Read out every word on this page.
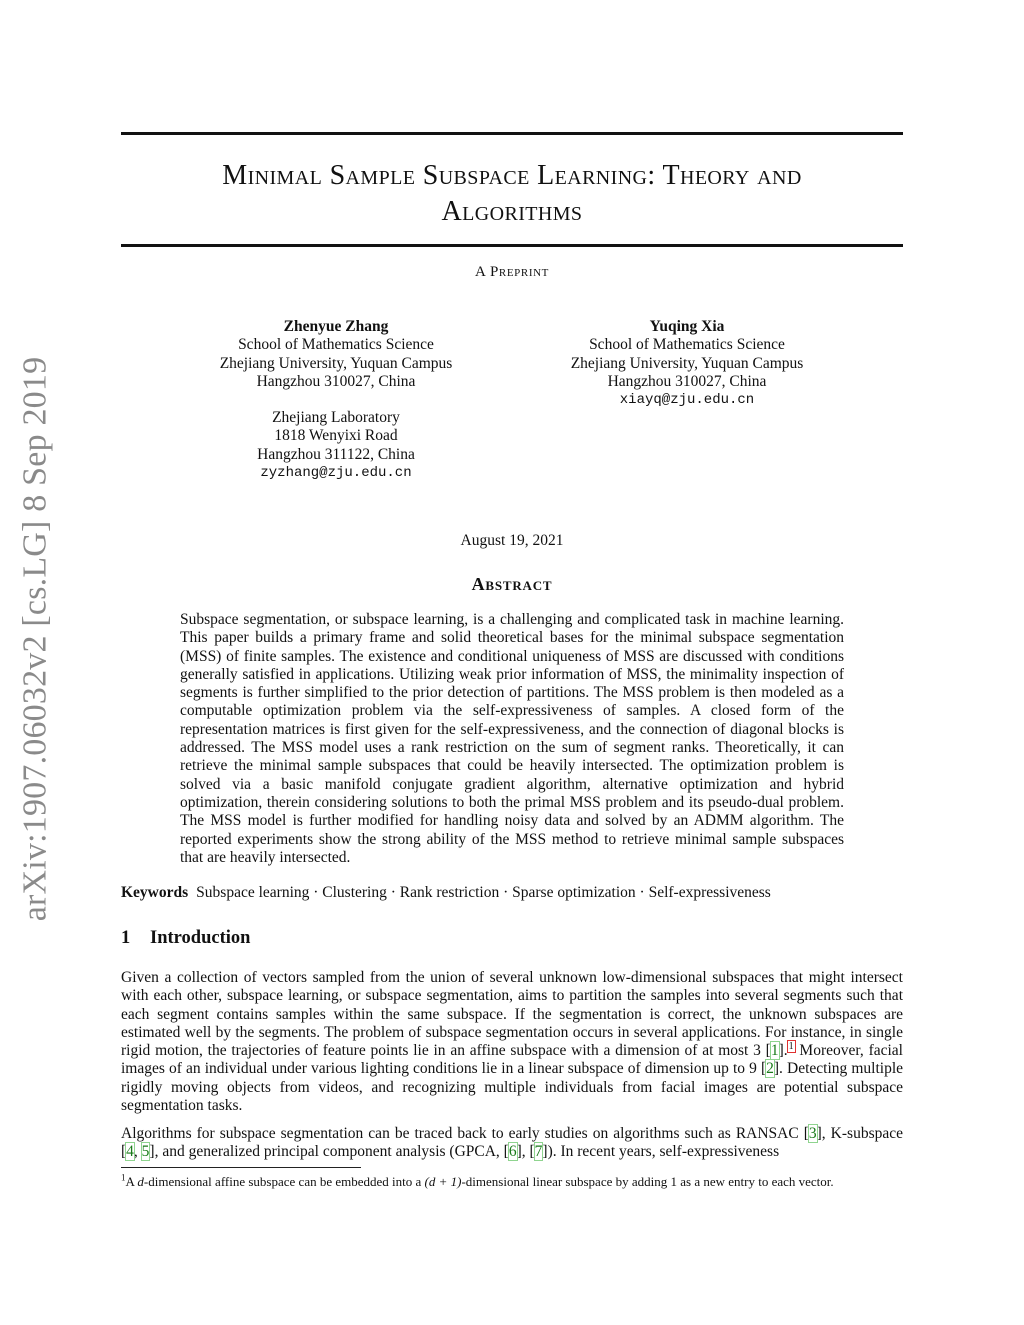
arXiv:1907.06032v2 [cs.LG] 8 Sep 2019
Minimal Sample Subspace Learning: Theory and
Algorithms
A Preprint
Zhenyue Zhang
School of Mathematics Science
Zhejiang University, Yuquan Campus
Hangzhou 310027, China
Zhejiang Laboratory
1818 Wenyixi Road
Hangzhou 311122, China
zyzhang@zju.edu.cn
Yuqing Xia
School of Mathematics Science
Zhejiang University, Yuquan Campus
Hangzhou 310027, China
xiayq@zju.edu.cn
August 19, 2021
Abstract

Subspace segmentation, or subspace learning, is a challenging and complicated task in machine learning. This paper builds a primary frame and solid theoretical bases for the minimal subspace segmentation (MSS) of finite samples. The existence and conditional uniqueness of MSS are discussed with conditions generally satisfied in applications. Utilizing weak prior information of MSS, the minimality inspection of segments is further simplified to the prior detection of partitions. The MSS problem is then modeled as a computable optimization problem via the self-expressiveness of samples. A closed form of the representation matrices is first given for the self-expressiveness, and the connection of diagonal blocks is addressed. The MSS model uses a rank restriction on the sum of segment ranks. Theoretically, it can retrieve the minimal sample subspaces that could be heavily intersected. The optimization problem is solved via a basic manifold conjugate gradient algorithm, alternative optimization and hybrid optimization, therein considering solutions to both the primal MSS problem and its pseudo-dual problem. The MSS model is further modified for handling noisy data and solved by an ADMM algorithm. The reported experiments show the strong ability of the MSS method to retrieve minimal sample subspaces that are heavily intersected.

Keywords Subspace learning · Clustering · Rank restriction · Sparse optimization · Self-expressiveness
1 Introduction

Given a collection of vectors sampled from the union of several unknown low-dimensional subspaces that might intersect with each other, subspace learning, or subspace segmentation, aims to partition the samples into several segments such that each segment contains samples within the same subspace. If the segmentation is correct, the unknown subspaces are estimated well by the segments. The problem of subspace segmentation occurs in several applications. For instance, in single rigid motion, the trajectories of feature points lie in an affine subspace with a dimension of at most 3 [1].$^1$ Moreover, facial images of an individual under various lighting conditions lie in a linear subspace of dimension up to 9 [2]. Detecting multiple rigidly moving objects from videos, and recognizing multiple individuals from facial images are potential subspace segmentation tasks.

Algorithms for subspace segmentation can be traced back to early studies on algorithms such as RANSAC [3], K-subspace [4, 5], and generalized principal component analysis (GPCA, [6], [7]). In recent years, self-expressiveness

$^1$A d-dimensional affine subspace can be embedded into a (d + 1)-dimensional linear subspace by adding 1 as a new entry to each vector.
